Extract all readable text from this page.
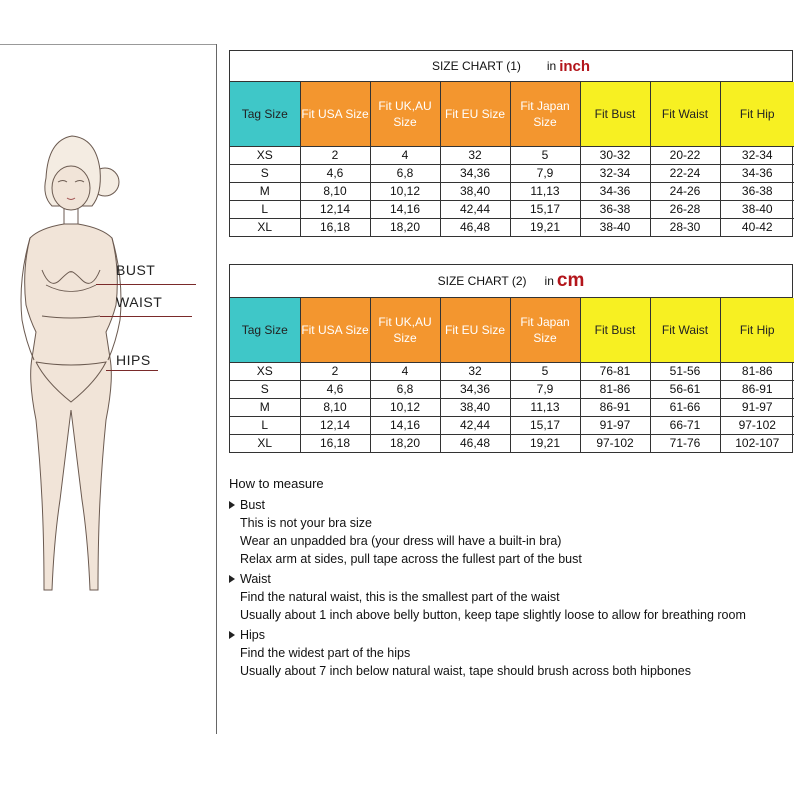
BUST
WAIST
HIPS
SIZE CHART (1) in inch
Tag Size	Fit USA Size	Fit UK,AU Size	Fit EU Size	Fit Japan Size	Fit Bust	Fit Waist	Fit Hip
XS	2	4	32	5	30-32	20-22	32-34
S	4,6	6,8	34,36	7,9	32-34	22-24	34-36
M	8,10	10,12	38,40	11,13	34-36	24-26	36-38
L	12,14	14,16	42,44	15,17	36-38	26-28	38-40
XL	16,18	18,20	46,48	19,21	38-40	28-30	40-42
SIZE CHART (2) in cm
Tag Size	Fit USA Size	Fit UK,AU Size	Fit EU Size	Fit Japan Size	Fit Bust	Fit Waist	Fit Hip
XS	2	4	32	5	76-81	51-56	81-86
S	4,6	6,8	34,36	7,9	81-86	56-61	86-91
M	8,10	10,12	38,40	11,13	86-91	61-66	91-97
L	12,14	14,16	42,44	15,17	91-97	66-71	97-102
XL	16,18	18,20	46,48	19,21	97-102	71-76	102-107
How to measure
Bust
This is not your bra size
Wear an unpadded bra (your dress will have a built-in bra)
Relax arm at sides, pull tape across the fullest part of the bust
Waist
Find the natural waist, this is the smallest part of the waist
Usually about 1 inch above belly button, keep tape slightly loose to allow for breathing room
Hips
Find the widest part of the hips
Usually about 7 inch below natural waist, tape should brush across both hipbones
